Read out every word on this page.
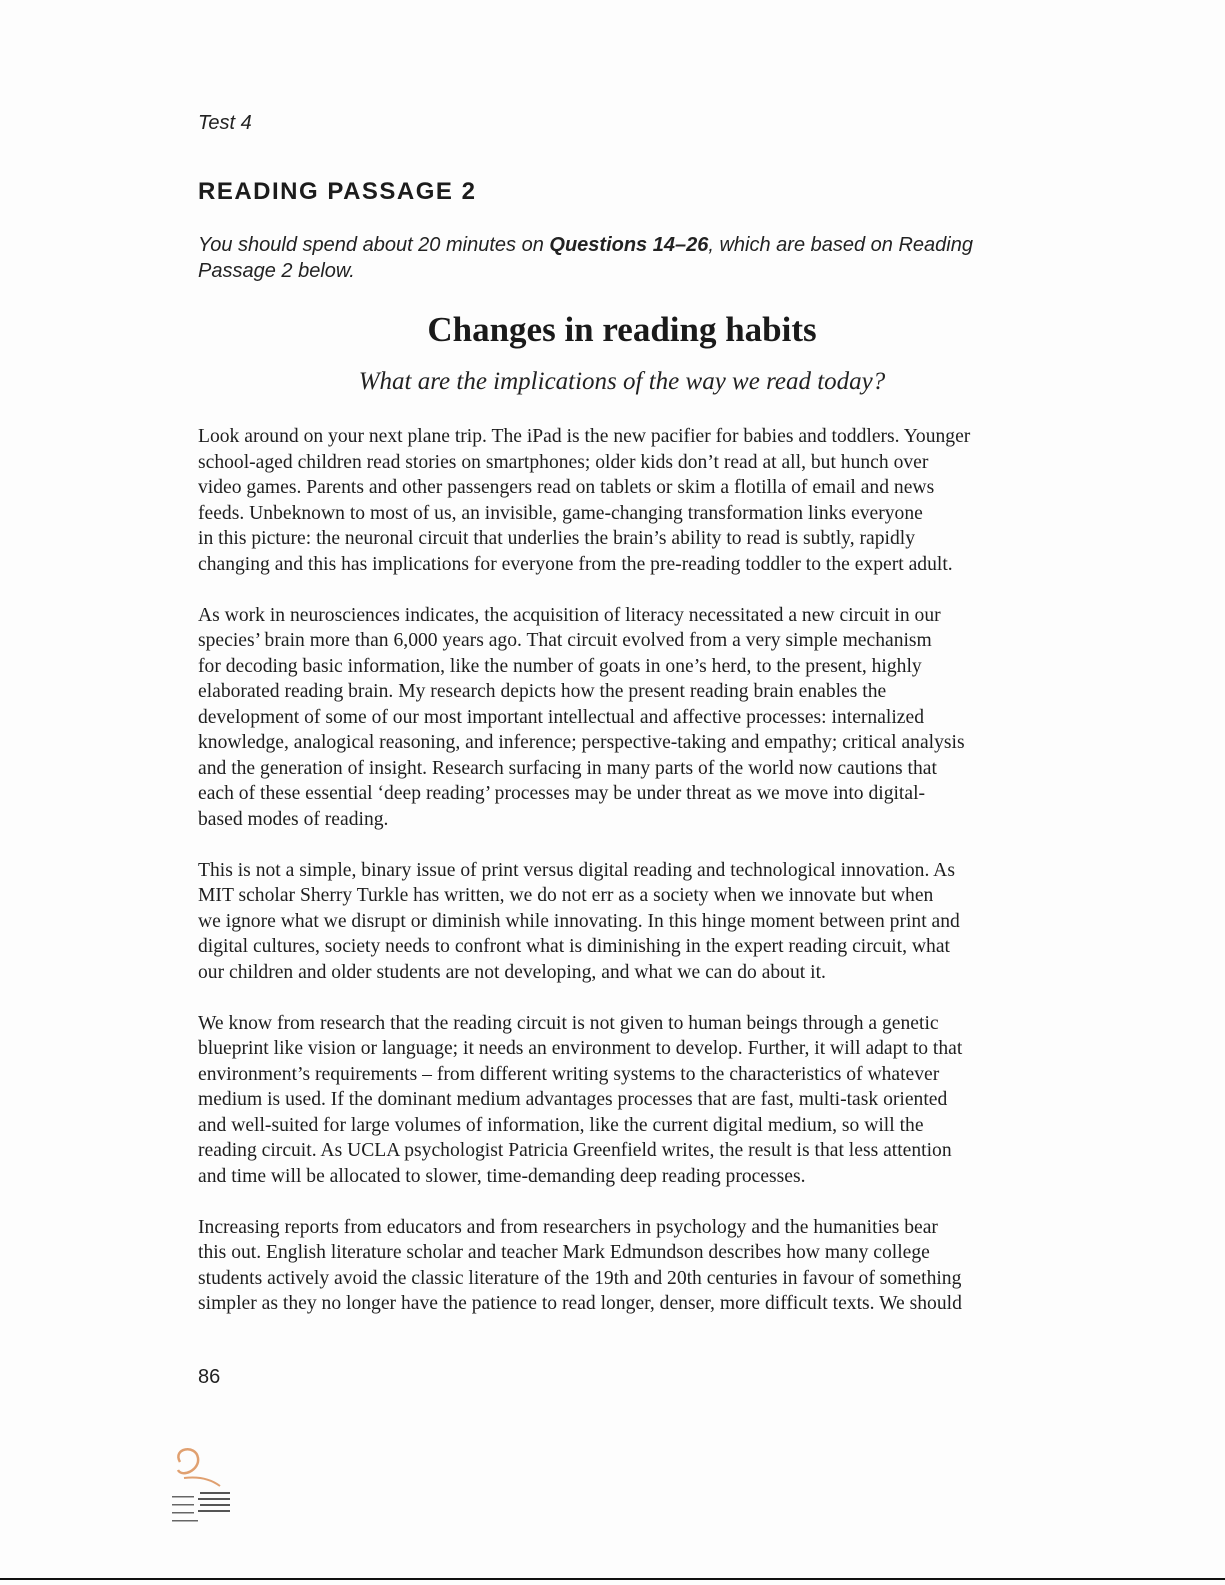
Test 4
READING PASSAGE 2
You should spend about 20 minutes on Questions 14–26, which are based on Reading
Passage 2 below.
Changes in reading habits
What are the implications of the way we read today?

Look around on your next plane trip. The iPad is the new pacifier for babies and toddlers. Younger
school-aged children read stories on smartphones; older kids don’t read at all, but hunch over
video games. Parents and other passengers read on tablets or skim a flotilla of email and news
feeds. Unbeknown to most of us, an invisible, game-changing transformation links everyone
in this picture: the neuronal circuit that underlies the brain’s ability to read is subtly, rapidly
changing and this has implications for everyone from the pre-reading toddler to the expert adult.

As work in neurosciences indicates, the acquisition of literacy necessitated a new circuit in our
species’ brain more than 6,000 years ago. That circuit evolved from a very simple mechanism
for decoding basic information, like the number of goats in one’s herd, to the present, highly
elaborated reading brain. My research depicts how the present reading brain enables the
development of some of our most important intellectual and affective processes: internalized
knowledge, analogical reasoning, and inference; perspective-taking and empathy; critical analysis
and the generation of insight. Research surfacing in many parts of the world now cautions that
each of these essential ‘deep reading’ processes may be under threat as we move into digital-
based modes of reading.

This is not a simple, binary issue of print versus digital reading and technological innovation. As
MIT scholar Sherry Turkle has written, we do not err as a society when we innovate but when
we ignore what we disrupt or diminish while innovating. In this hinge moment between print and
digital cultures, society needs to confront what is diminishing in the expert reading circuit, what
our children and older students are not developing, and what we can do about it.

We know from research that the reading circuit is not given to human beings through a genetic
blueprint like vision or language; it needs an environment to develop. Further, it will adapt to that
environment’s requirements – from different writing systems to the characteristics of whatever
medium is used. If the dominant medium advantages processes that are fast, multi-task oriented
and well-suited for large volumes of information, like the current digital medium, so will the
reading circuit. As UCLA psychologist Patricia Greenfield writes, the result is that less attention
and time will be allocated to slower, time-demanding deep reading processes.

Increasing reports from educators and from researchers in psychology and the humanities bear
this out. English literature scholar and teacher Mark Edmundson describes how many college
students actively avoid the classic literature of the 19th and 20th centuries in favour of something
simpler as they no longer have the patience to read longer, denser, more difficult texts. We should

86
